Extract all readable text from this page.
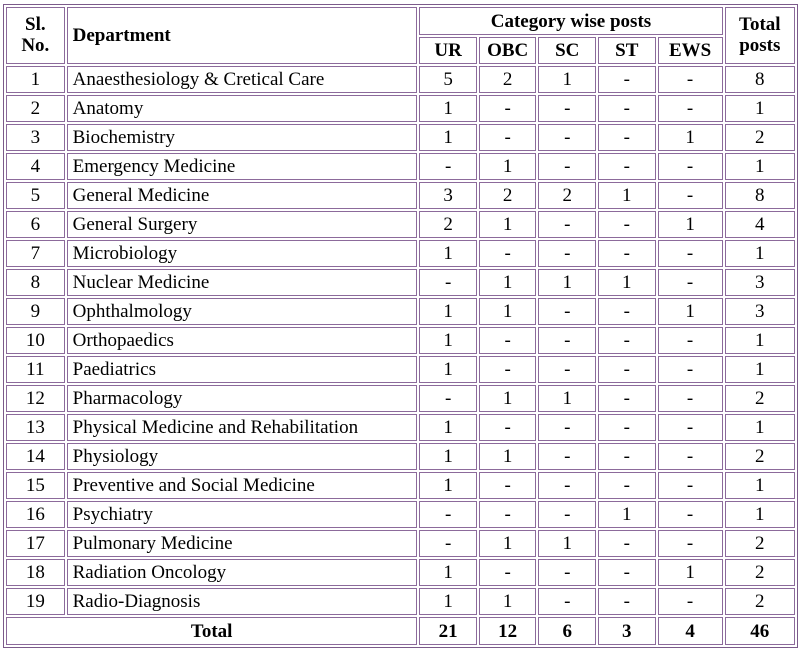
Sl.
No.	Department	Category wise posts					Total
posts
		UR	OBC	SC	ST	EWS	
1	Anaesthesiology & Cretical Care	5	2	1	-	-	8
2	Anatomy	1	-	-	-	-	1
3	Biochemistry	1	-	-	-	1	2
4	Emergency Medicine	-	1	-	-	-	1
5	General Medicine	3	2	2	1	-	8
6	General Surgery	2	1	-	-	1	4
7	Microbiology	1	-	-	-	-	1
8	Nuclear Medicine	-	1	1	1	-	3
9	Ophthalmology	1	1	-	-	1	3
10	Orthopaedics	1	-	-	-	-	1
11	Paediatrics	1	-	-	-	-	1
12	Pharmacology	-	1	1	-	-	2
13	Physical Medicine and Rehabilitation	1	-	-	-	-	1
14	Physiology	1	1	-	-	-	2
15	Preventive and Social Medicine	1	-	-	-	-	1
16	Psychiatry	-	-	-	1	-	1
17	Pulmonary Medicine	-	1	1	-	-	2
18	Radiation Oncology	1	-	-	-	1	2
19	Radio-Diagnosis	1	1	-	-	-	2
Total		21	12	6	3	4	46
